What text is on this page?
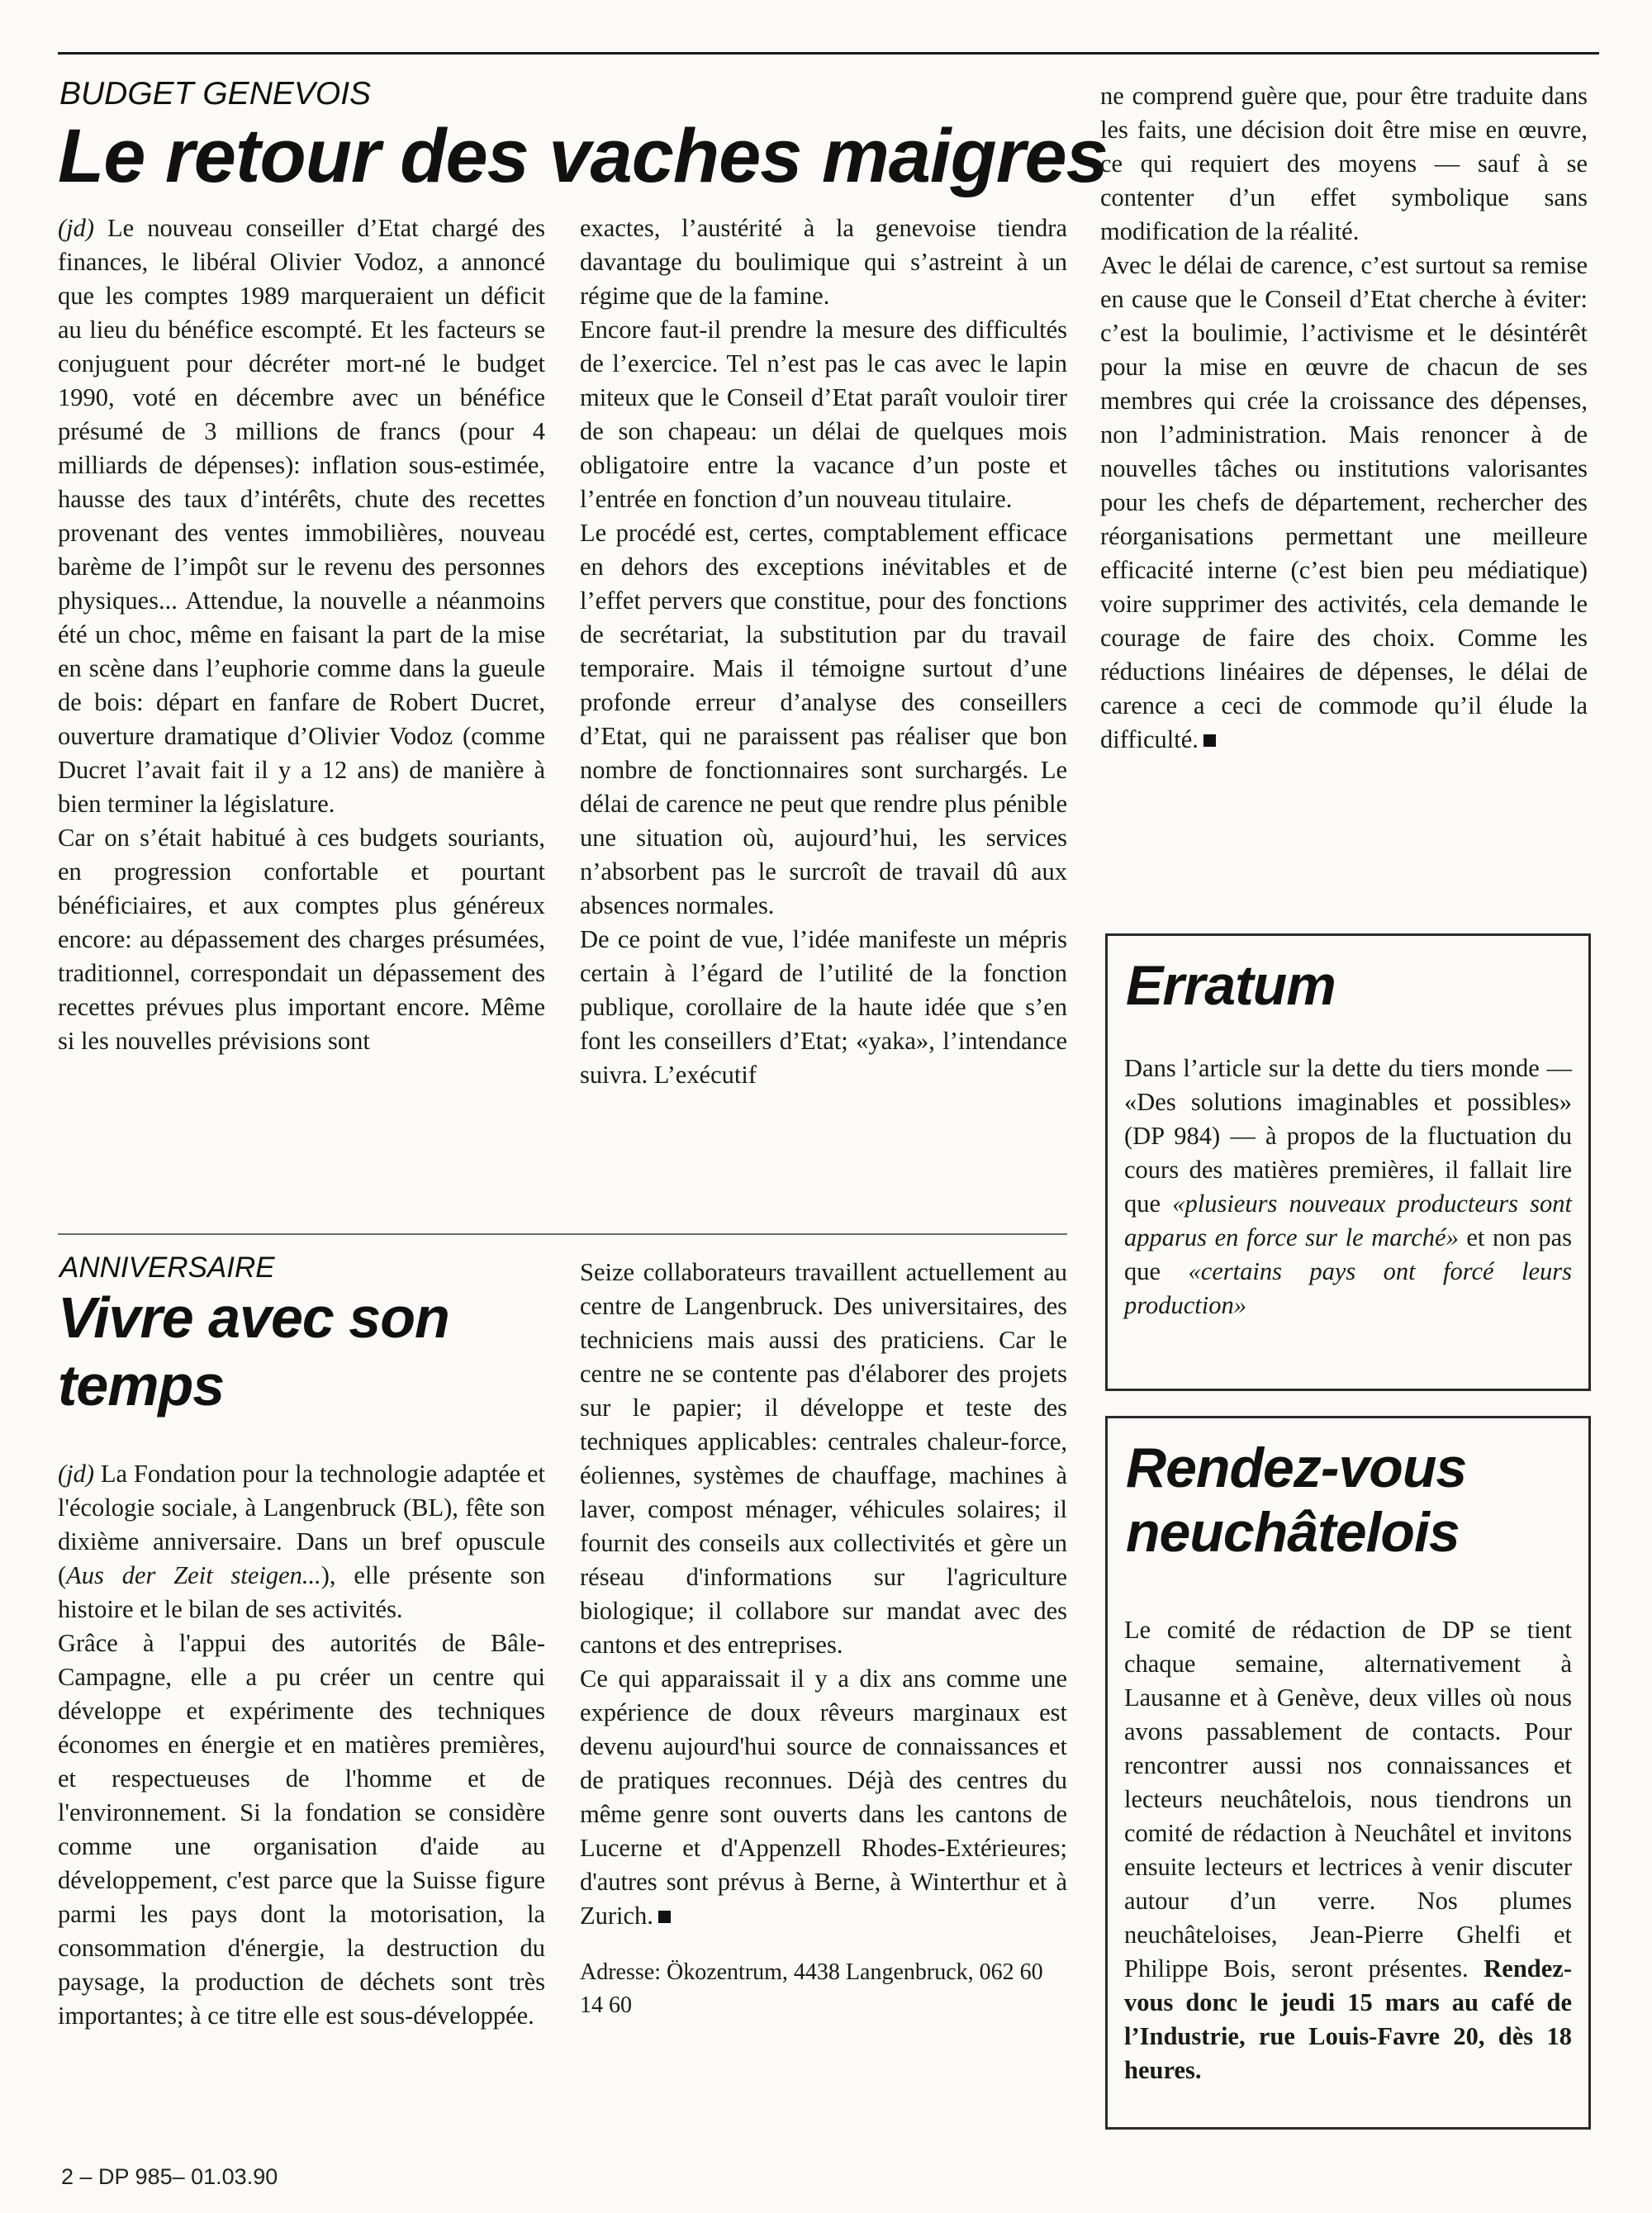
BUDGET GENEVOIS
Le retour des vaches maigres

(jd) Le nouveau conseiller d’Etat chargé des finances, le libéral Olivier Vodoz, a annoncé que les comptes 1989 marqueraient un déficit au lieu du bénéfice escompté. Et les facteurs se conjuguent pour décréter mort-né le budget 1990, voté en décembre avec un bénéfice présumé de 3 millions de francs (pour 4 milliards de dépenses): inflation sous-estimée, hausse des taux d’intérêts, chute des recettes provenant des ventes immobilières, nouveau barème de l’impôt sur le revenu des personnes physiques... Attendue, la nouvelle a néanmoins été un choc, même en faisant la part de la mise en scène dans l’euphorie comme dans la gueule de bois: départ en fanfare de Robert Ducret, ouverture dramatique d’Olivier Vodoz (comme Ducret l’avait fait il y a 12 ans) de manière à bien terminer la législature.

Car on s’était habitué à ces budgets souriants, en progression confortable et pourtant bénéficiaires, et aux comptes plus généreux encore: au dépassement des charges présumées, traditionnel, correspondait un dépassement des recettes prévues plus important encore. Même si les nouvelles prévisions sont

exactes, l’austérité à la genevoise tiendra davantage du boulimique qui s’astreint à un régime que de la famine.

Encore faut-il prendre la mesure des difficultés de l’exercice. Tel n’est pas le cas avec le lapin miteux que le Conseil d’Etat paraît vouloir tirer de son chapeau: un délai de quelques mois obligatoire entre la vacance d’un poste et l’entrée en fonction d’un nouveau titulaire.

Le procédé est, certes, comptablement efficace en dehors des exceptions inévitables et de l’effet pervers que constitue, pour des fonctions de secrétariat, la substitution par du travail temporaire. Mais il témoigne surtout d’une profonde erreur d’analyse des conseillers d’Etat, qui ne paraissent pas réaliser que bon nombre de fonctionnaires sont surchargés. Le délai de carence ne peut que rendre plus pénible une situation où, aujourd’hui, les services n’absorbent pas le surcroît de travail dû aux absences normales.

De ce point de vue, l’idée manifeste un mépris certain à l’égard de l’utilité de la fonction publique, corollaire de la haute idée que s’en font les conseillers d’Etat; «yaka», l’intendance suivra. L’exécutif

ne comprend guère que, pour être traduite dans les faits, une décision doit être mise en œuvre, ce qui requiert des moyens — sauf à se contenter d’un effet symbolique sans modification de la réalité.

Avec le délai de carence, c’est surtout sa remise en cause que le Conseil d’Etat cherche à éviter: c’est la boulimie, l’activisme et le désintérêt pour la mise en œuvre de chacun de ses membres qui crée la croissance des dépenses, non l’administration. Mais renoncer à de nouvelles tâches ou institutions valorisantes pour les chefs de département, rechercher des réorganisations permettant une meilleure efficacité interne (c’est bien peu médiatique) voire supprimer des activités, cela demande le courage de faire des choix. Comme les réductions linéaires de dépenses, le délai de carence a ceci de commode qu’il élude la difficulté.

ANNIVERSAIRE
Vivre avec son
temps

(jd) La Fondation pour la technologie adaptée et l'écologie sociale, à Langenbruck (BL), fête son dixième anniversaire. Dans un bref opuscule (Aus der Zeit steigen...), elle présente son histoire et le bilan de ses activités.

Grâce à l'appui des autorités de Bâle-Campagne, elle a pu créer un centre qui développe et expérimente des techniques économes en énergie et en matières premières, et respectueuses de l'homme et de l'environnement. Si la fondation se considère comme une organisation d'aide au développement, c'est parce que la Suisse figure parmi les pays dont la motorisation, la consommation d'énergie, la destruction du paysage, la production de déchets sont très importantes; à ce titre elle est sous-développée.

Seize collaborateurs travaillent actuellement au centre de Langenbruck. Des universitaires, des techniciens mais aussi des praticiens. Car le centre ne se contente pas d'élaborer des projets sur le papier; il développe et teste des techniques applicables: centrales chaleur-force, éoliennes, systèmes de chauffage, machines à laver, compost ménager, véhicules solaires; il fournit des conseils aux collectivités et gère un réseau d'informations sur l'agriculture biologique; il collabore sur mandat avec des cantons et des entreprises.

Ce qui apparaissait il y a dix ans comme une expérience de doux rêveurs marginaux est devenu aujourd'hui source de connaissances et de pratiques reconnues. Déjà des centres du même genre sont ouverts dans les cantons de Lucerne et d'Appenzell Rhodes-Extérieures; d'autres sont prévus à Berne, à Winterthur et à Zurich.

Adresse: Ökozentrum, 4438 Langenbruck, 062 60 14 60

Erratum

Dans l’article sur la dette du tiers monde — «Des solutions imaginables et possibles» (DP 984) — à propos de la fluctuation du cours des matières premières, il fallait lire que «plusieurs nouveaux producteurs sont apparus en force sur le marché» et non pas que «certains pays ont forcé leurs production»

Rendez-vous
neuchâtelois

Le comité de rédaction de DP se tient chaque semaine, alternativement à Lausanne et à Genève, deux villes où nous avons passablement de contacts. Pour rencontrer aussi nos connaissances et lecteurs neuchâtelois, nous tiendrons un comité de rédaction à Neuchâtel et invitons ensuite lecteurs et lectrices à venir discuter autour d’un verre. Nos plumes neuchâteloises, Jean-Pierre Ghelfi et Philippe Bois, seront présentes. Rendez-vous donc le jeudi 15 mars au café de l’Industrie, rue Louis-Favre 20, dès 18 heures.

2 – DP 985– 01.03.90
